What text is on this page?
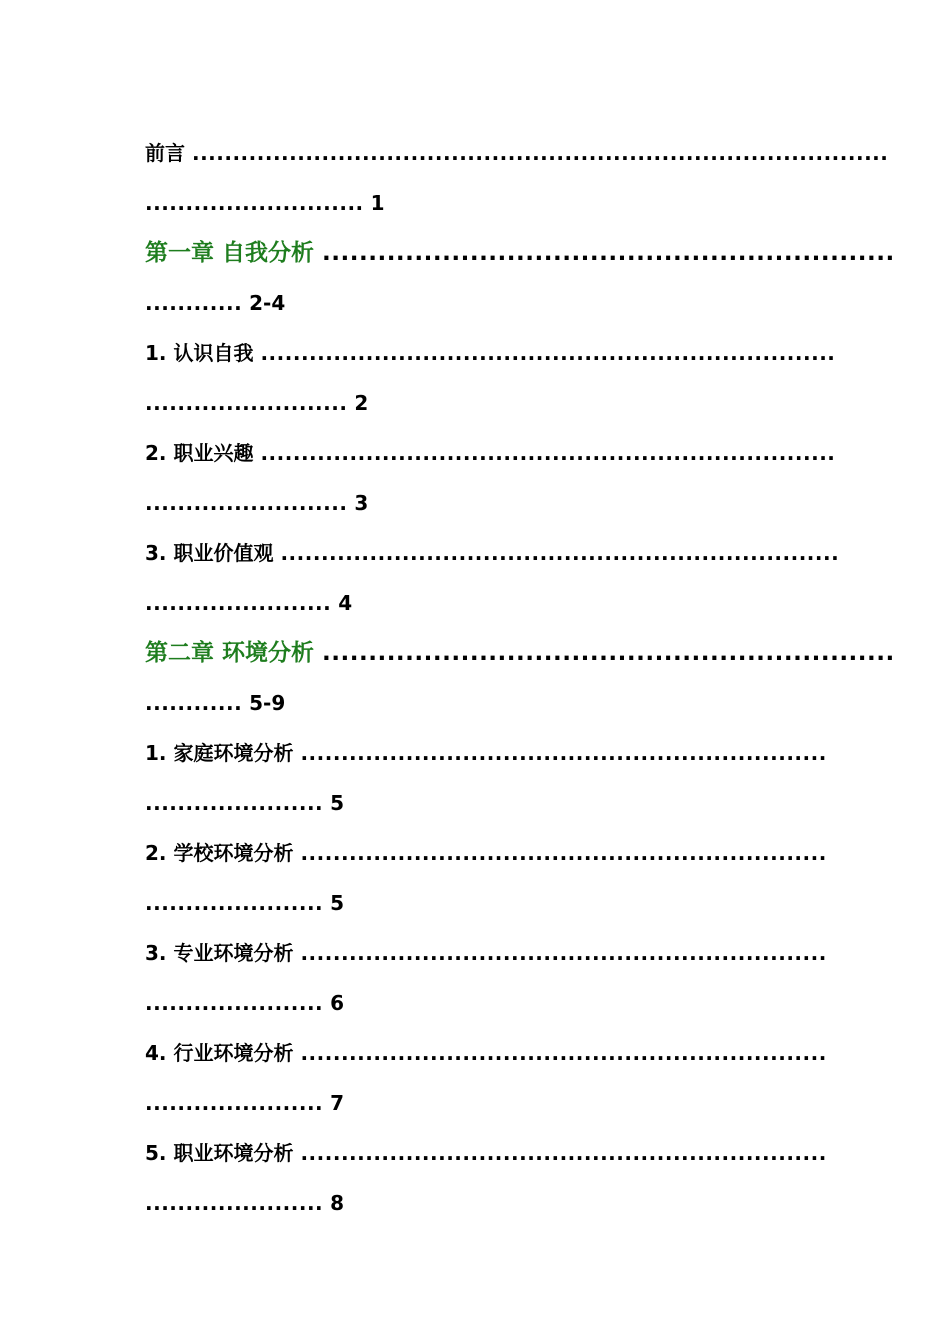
前言 ......................................................................................
........................... 1
第一章 自我分析 ..............................................................
............ 2-4
1. 认识自我 .......................................................................
......................... 2
2. 职业兴趣 .......................................................................
......................... 3
3. 职业价值观 .....................................................................
....................... 4
第二章 环境分析 ..............................................................
............ 5-9
1. 家庭环境分析 .................................................................
...................... 5
2. 学校环境分析 .................................................................
...................... 5
3. 专业环境分析 .................................................................
...................... 6
4. 行业环境分析 .................................................................
...................... 7
5. 职业环境分析 .................................................................
...................... 8
